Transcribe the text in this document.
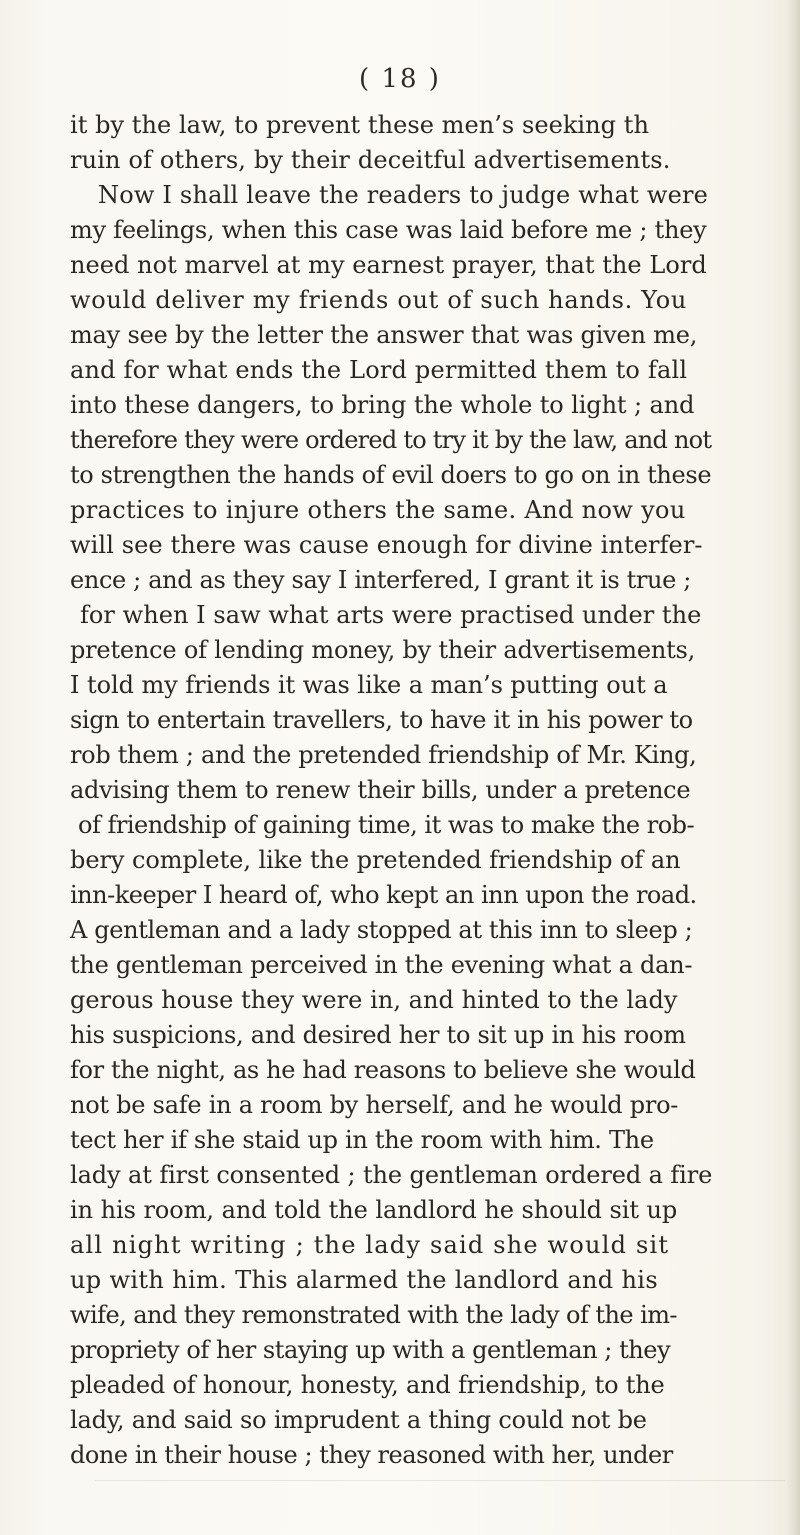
( 18 )
it by the law, to prevent these men’s seeking th
ruin of others, by their deceitful advertisements.
Now I shall leave the readers to judge what were
my feelings, when this case was laid before me ; they
need not marvel at my earnest prayer, that the Lord
would deliver my friends out of such hands. You
may see by the letter the answer that was given me,
and for what ends the Lord permitted them to fall
into these dangers, to bring the whole to light ; and
therefore they were ordered to try it by the law, and not
to strengthen the hands of evil doers to go on in these
practices to injure others the same. And now you
will see there was cause enough for divine interfer-
ence ; and as they say I interfered, I grant it is true ;
for when I saw what arts were practised under the
pretence of lending money, by their advertisements,
I told my friends it was like a man’s putting out a
sign to entertain travellers, to have it in his power to
rob them ; and the pretended friendship of Mr. King,
advising them to renew their bills, under a pretence
of friendship of gaining time, it was to make the rob-
bery complete, like the pretended friendship of an
inn-keeper I heard of, who kept an inn upon the road.
A gentleman and a lady stopped at this inn to sleep ;
the gentleman perceived in the evening what a dan-
gerous house they were in, and hinted to the lady
his suspicions, and desired her to sit up in his room
for the night, as he had reasons to believe she would
not be safe in a room by herself, and he would pro-
tect her if she staid up in the room with him. The
lady at first consented ; the gentleman ordered a fire
in his room, and told the landlord he should sit up
all night writing ; the lady said she would sit
up with him. This alarmed the landlord and his
wife, and they remonstrated with the lady of the im-
propriety of her staying up with a gentleman ; they
pleaded of honour, honesty, and friendship, to the
lady, and said so imprudent a thing could not be
done in their house ; they reasoned with her, under
